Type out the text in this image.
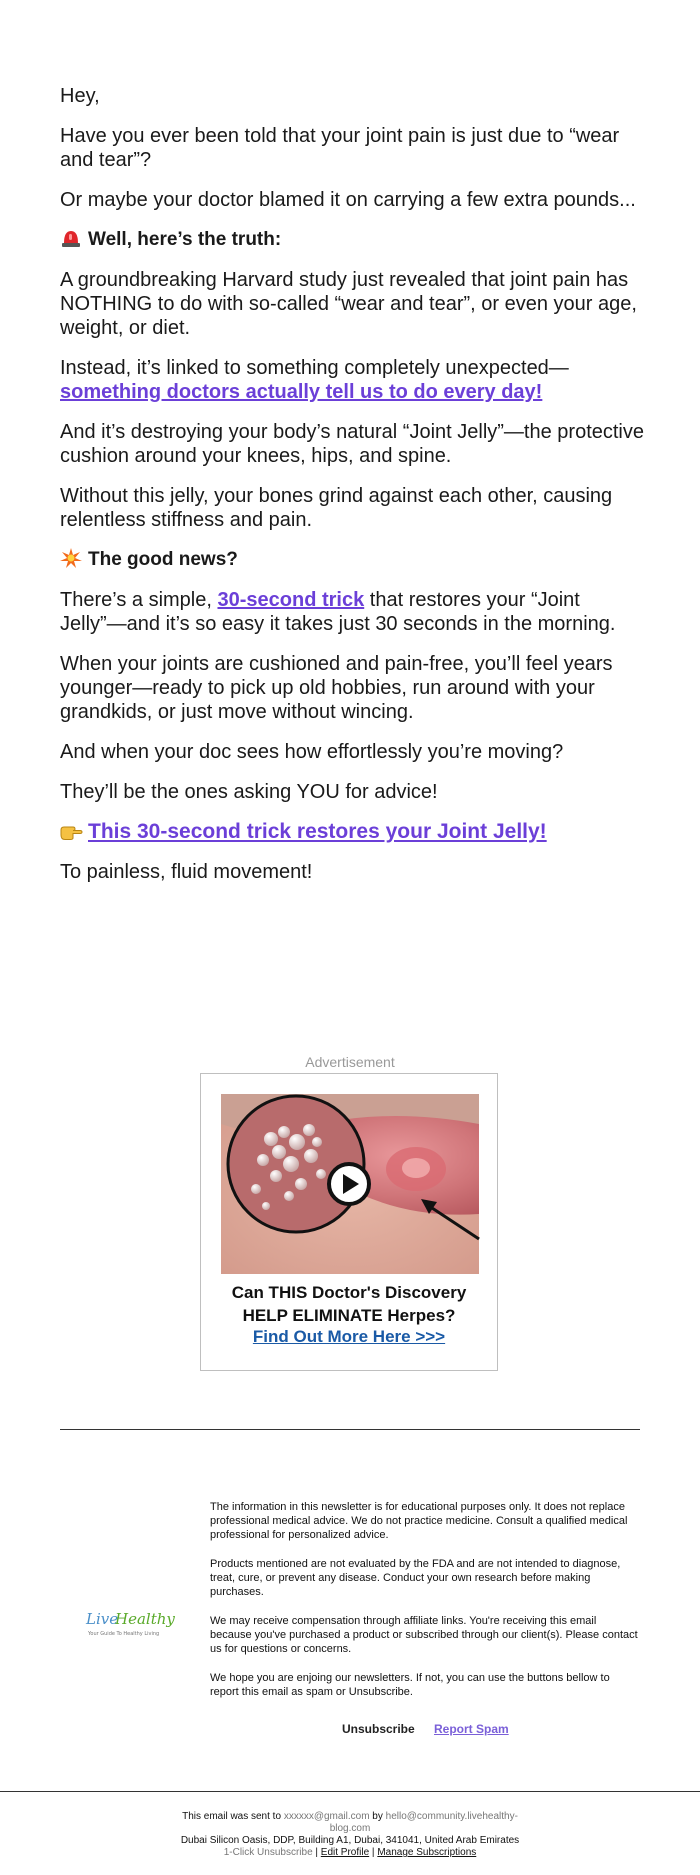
Hey,

Have you ever been told that your joint pain is just due to “wear and tear”?

Or maybe your doctor blamed it on carrying a few extra pounds...

Well, here’s the truth:

A groundbreaking Harvard study just revealed that joint pain has NOTHING to do with so-called “wear and tear”, or even your age, weight, or diet.

Instead, it’s linked to something completely unexpected—
something doctors actually tell us to do every day!

And it’s destroying your body’s natural “Joint Jelly”—the protective cushion around your knees, hips, and spine.

Without this jelly, your bones grind against each other, causing relentless stiffness and pain.

The good news?

There’s a simple, 30-second trick that restores your “Joint Jelly”—and it’s so easy it takes just 30 seconds in the morning.

When your joints are cushioned and pain-free, you’ll feel years younger—ready to pick up old hobbies, run around with your grandkids, or just move without wincing.

And when your doc sees how effortlessly you’re moving?

They’ll be the ones asking YOU for advice!

This 30-second trick restores your Joint Jelly!

To painless, fluid movement!

Advertisement
Can THIS Doctor's Discovery
HELP ELIMINATE Herpes?
Find Out More Here >>>
Live
Healthy
Your Guide To Healthy Living

The information in this newsletter is for educational purposes only. It does not replace professional medical advice. We do not practice medicine. Consult a qualified medical professional for personalized advice.

Products mentioned are not evaluated by the FDA and are not intended to diagnose, treat, cure, or prevent any disease. Conduct your own research before making purchases.

We may receive compensation through affiliate links. You're receiving this email because you've purchased a product or subscribed through our client(s). Please contact us for questions or concerns.

We hope you are enjoing our newsletters. If not, you can use the buttons bellow to report this email as spam or Unsubscribe.

Unsubscribe Report Spam
This email was sent to xxxxxx@gmail.com by hello@community.livehealthy-
blog.com
Dubai Silicon Oasis, DDP, Building A1, Dubai, 341041, United Arab Emirates
1-Click Unsubscribe | Edit Profile | Manage Subscriptions
